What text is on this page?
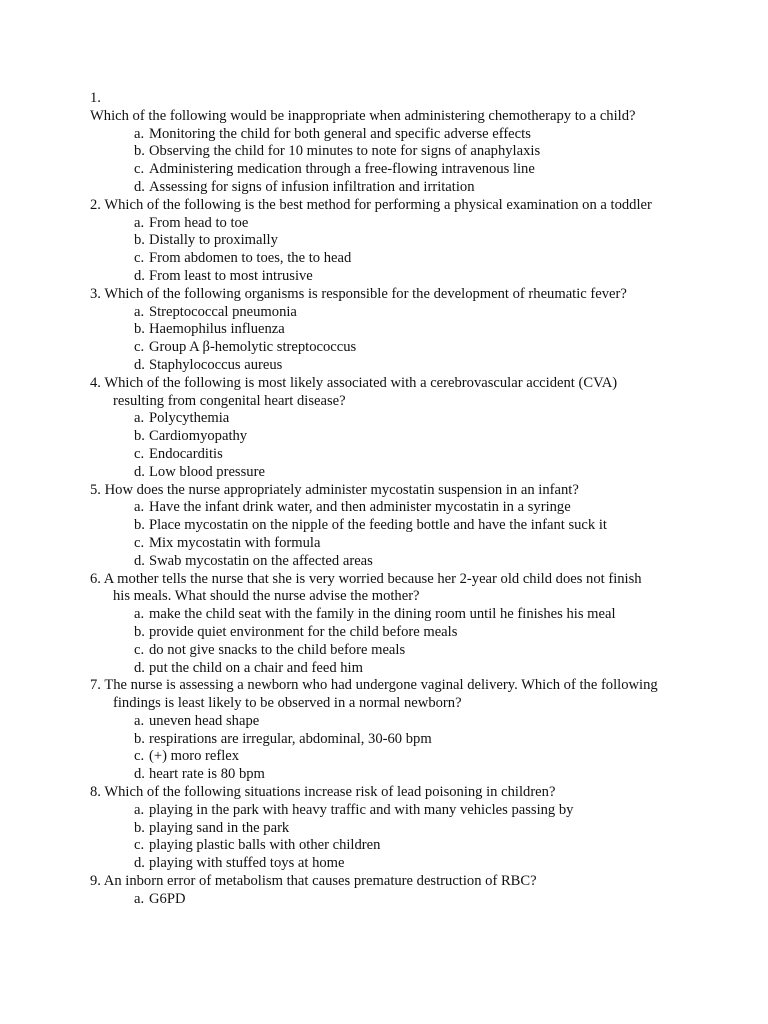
1.
Which of the following would be inappropriate when administering chemotherapy to a child?
a. Monitoring the child for both general and specific adverse effects
b. Observing the child for 10 minutes to note for signs of anaphylaxis
c. Administering medication through a free-flowing intravenous line
d. Assessing for signs of infusion infiltration and irritation
2. Which of the following is the best method for performing a physical examination on a toddler
a. From head to toe
b. Distally to proximally
c. From abdomen to toes, the to head
d. From least to most intrusive
3. Which of the following organisms is responsible for the development of rheumatic fever?
a. Streptococcal pneumonia
b. Haemophilus influenza
c. Group A β-hemolytic streptococcus
d. Staphylococcus aureus
4. Which of the following is most likely associated with a cerebrovascular accident (CVA)
resulting from congenital heart disease?
a. Polycythemia
b. Cardiomyopathy
c. Endocarditis
d. Low blood pressure
5. How does the nurse appropriately administer mycostatin suspension in an infant?
a. Have the infant drink water, and then administer mycostatin in a syringe
b. Place mycostatin on the nipple of the feeding bottle and have the infant suck it
c. Mix mycostatin with formula
d. Swab mycostatin on the affected areas
6. A mother tells the nurse that she is very worried because her 2-year old child does not finish
his meals. What should the nurse advise the mother?
a. make the child seat with the family in the dining room until he finishes his meal
b. provide quiet environment for the child before meals
c. do not give snacks to the child before meals
d. put the child on a chair and feed him
7. The nurse is assessing a newborn who had undergone vaginal delivery. Which of the following
findings is least likely to be observed in a normal newborn?
a. uneven head shape
b. respirations are irregular, abdominal, 30-60 bpm
c. (+) moro reflex
d. heart rate is 80 bpm
8. Which of the following situations increase risk of lead poisoning in children?
a. playing in the park with heavy traffic and with many vehicles passing by
b. playing sand in the park
c. playing plastic balls with other children
d. playing with stuffed toys at home
9. An inborn error of metabolism that causes premature destruction of RBC?
a. G6PD
